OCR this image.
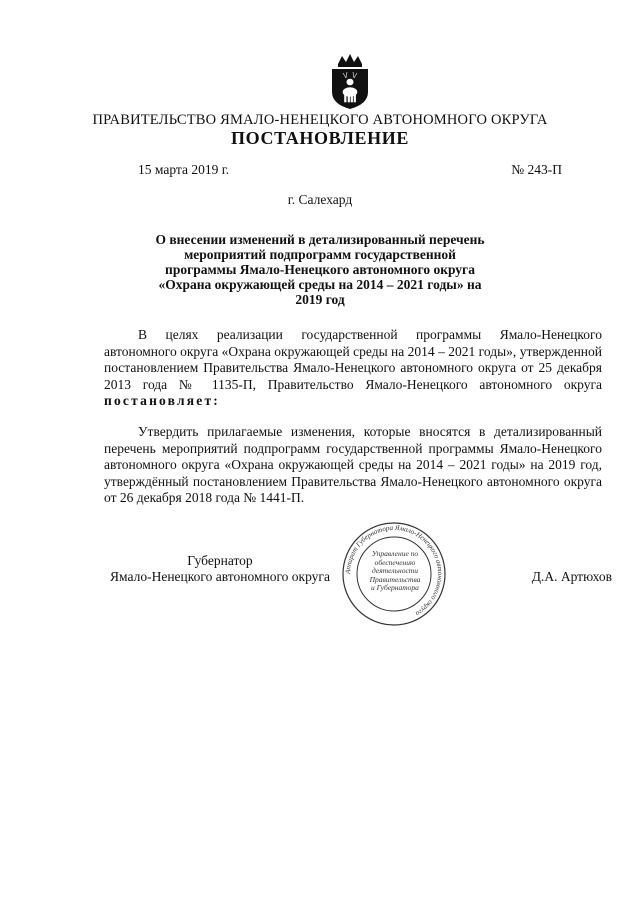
ПРАВИТЕЛЬСТВО ЯМАЛО-НЕНЕЦКОГО АВТОНОМНОГО ОКРУГА
ПОСТАНОВЛЕНИЕ
15 марта 2019 г.	№ 243-П
г. Салехард
О внесении изменений в детализированный перечень мероприятий подпрограмм государственной программы Ямало-Ненецкого автономного округа «Охрана окружающей среды на 2014 – 2021 годы» на 2019 год
В целях реализации государственной программы Ямало-Ненецкого автономного округа «Охрана окружающей среды на 2014 – 2021 годы», утвержденной постановлением Правительства Ямало-Ненецкого автономного округа от 25 декабря 2013 года № 1135-П, Правительство Ямало-Ненецкого автономного округа постановляет:
Утвердить прилагаемые изменения, которые вносятся в детализированный перечень мероприятий подпрограмм государственной программы Ямало-Ненецкого автономного округа «Охрана окружающей среды на 2014 – 2021 годы» на 2019 год, утверждённый постановлением Правительства Ямало-Ненецкого автономного округа от 26 декабря 2018 года № 1441-П.
Губернатор
Ямало-Ненецкого автономного округа	Д.А. Артюхов
Аппарат Губернатора Ямало-Ненецкого автономного округа
Управление по
обеспечению
деятельности
Правительства
и Губернатора
